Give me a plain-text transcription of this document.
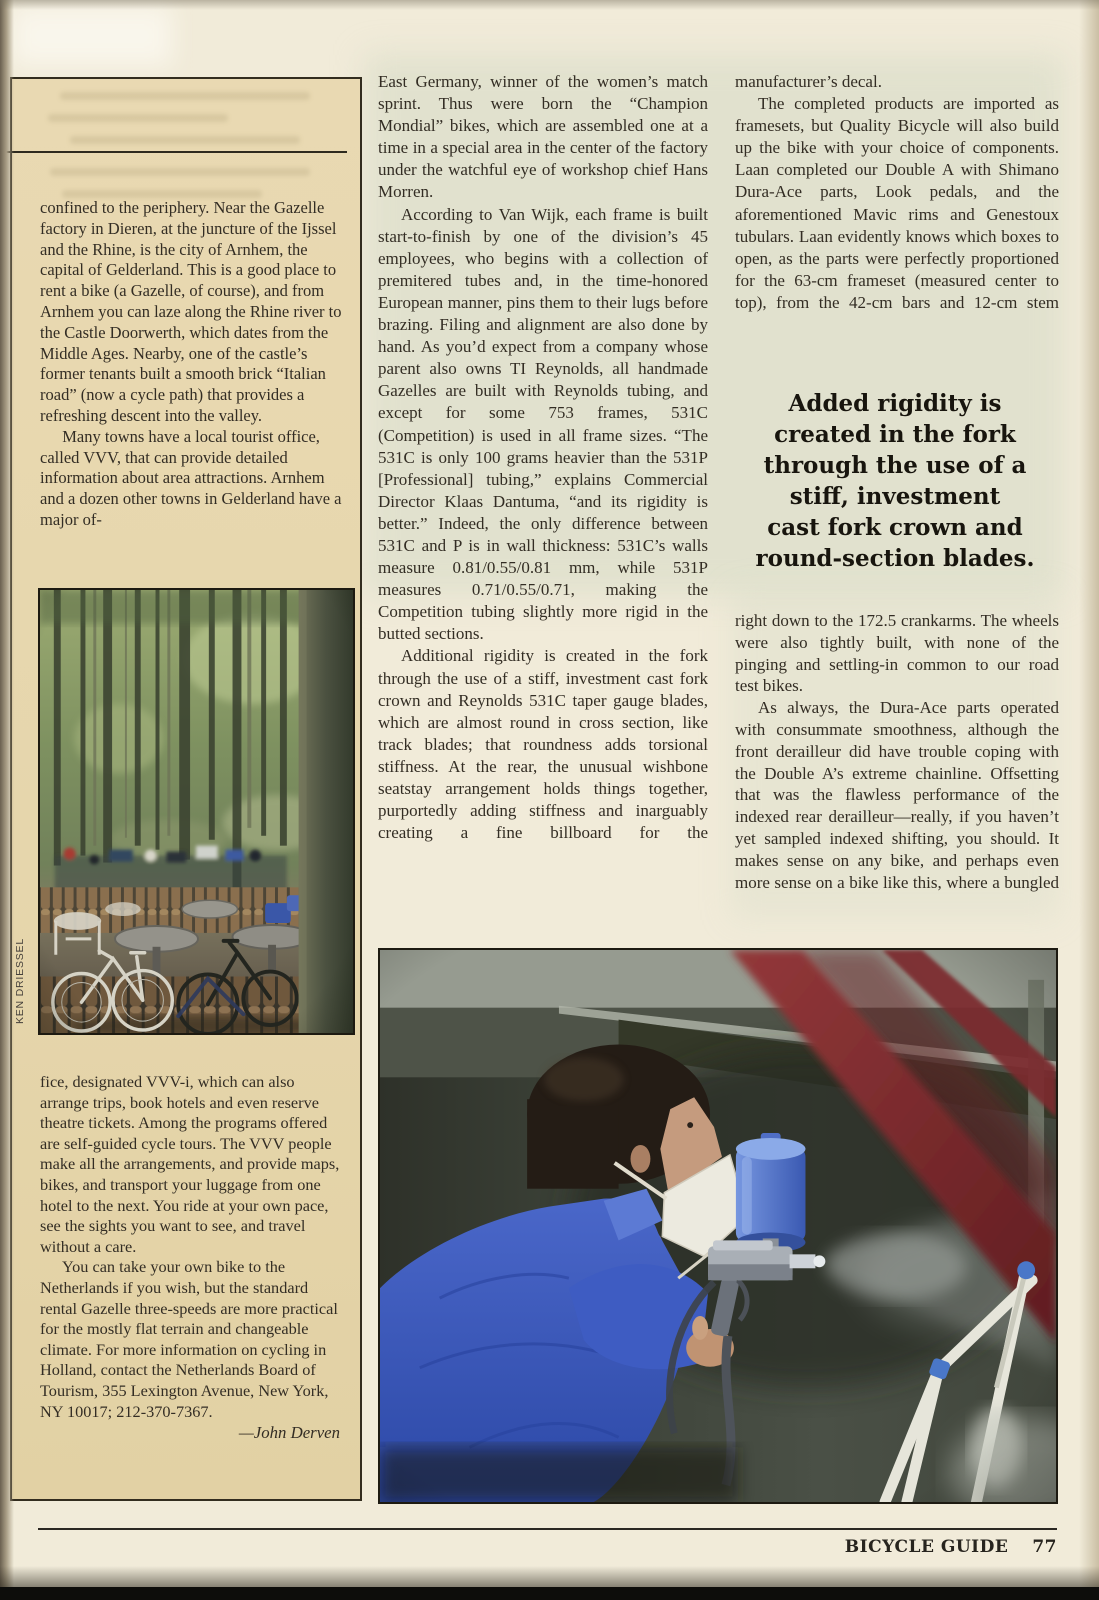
confined to the periphery. Near the Gazelle factory in Dieren, at the juncture of the Ijssel and the Rhine, is the city of Arnhem, the capital of Gelderland. This is a good place to rent a bike (a Gazelle, of course), and from Arnhem you can laze along the Rhine river to the Castle Doorwerth, which dates from the Middle Ages. Nearby, one of the castle’s former tenants built a smooth brick “Italian road” (now a cycle path) that provides a refreshing descent into the valley.

Many towns have a local tourist office, called VVV, that can provide detailed information about area attractions. Arnhem and a dozen other towns in Gelderland have a major of-

KEN DRIESSEL

fice, designated VVV-i, which can also arrange trips, book hotels and even reserve theatre tickets. Among the programs offered are self-guided cycle tours. The VVV people make all the arrangements, and provide maps, bikes, and transport your luggage from one hotel to the next. You ride at your own pace, see the sights you want to see, and travel without a care.

You can take your own bike to the Netherlands if you wish, but the standard rental Gazelle three-speeds are more practical for the mostly flat terrain and changeable climate. For more information on cycling in Holland, contact the Netherlands Board of Tourism, 355 Lexington Avenue, New York, NY 10017; 212-370-7367.

—John Derven

East Germany, winner of the women’s match sprint. Thus were born the “Champion Mondial” bikes, which are assembled one at a time in a special area in the center of the factory under the watchful eye of workshop chief Hans Morren.

According to Van Wijk, each frame is built start-to-finish by one of the division’s 45 employees, who begins with a collection of premitered tubes and, in the time-honored European manner, pins them to their lugs before brazing. Filing and alignment are also done by hand. As you’d expect from a company whose parent also owns TI Reynolds, all handmade Gazelles are built with Reynolds tubing, and except for some 753 frames, 531C (Competition) is used in all frame sizes. “The 531C is only 100 grams heavier than the 531P [Professional] tubing,” explains Commercial Director Klaas Dantuma, “and its rigidity is better.” Indeed, the only difference between 531C and P is in wall thickness: 531C’s walls measure 0.81/0.55/0.81 mm, while 531P measures 0.71/0.55/0.71, making the Competition tubing slightly more rigid in the butted sections.

Additional rigidity is created in the fork through the use of a stiff, investment cast fork crown and Reynolds 531C taper gauge blades, which are almost round in cross section, like track blades; that roundness adds torsional stiffness. At the rear, the unusual wishbone seatstay arrangement holds things together, purportedly adding stiffness and inarguably creating a fine billboard for the

manufacturer’s decal.

The completed products are imported as framesets, but Quality Bicycle will also build up the bike with your choice of components. Laan completed our Double A with Shimano Dura-Ace parts, Look pedals, and the aforementioned Mavic rims and Genestoux tubulars. Laan evidently knows which boxes to open, as the parts were perfectly proportioned for the 63-cm frameset (measured center to top), from the 42-cm bars and 12-cm stem

Added rigidity is
created in the fork
through the use of a
stiff, investment
cast fork crown and
round-section blades.

right down to the 172.5 crankarms. The wheels were also tightly built, with none of the pinging and settling-in common to our road test bikes.

As always, the Dura-Ace parts operated with consummate smoothness, although the front derailleur did have trouble coping with the Double A’s extreme chainline. Offsetting that was the flawless performance of the indexed rear derailleur—really, if you haven’t yet sampled indexed shifting, you should. It makes sense on any bike, and perhaps even more sense on a bike like this, where a bungled

BICYCLE GUIDE 77
